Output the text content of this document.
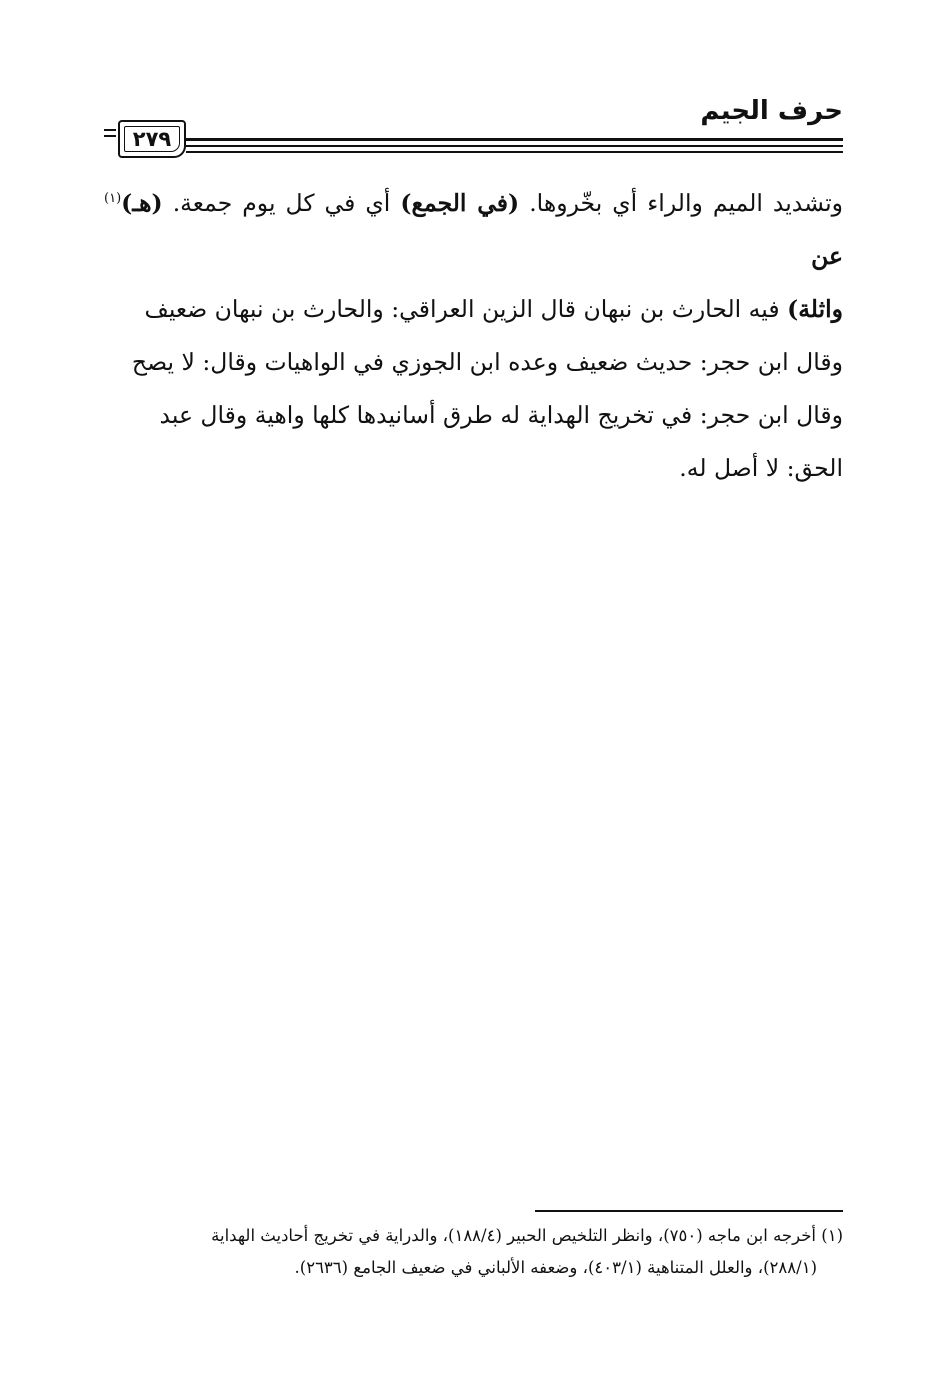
حرف الجيم
٢٧٩
وتشديد الميم والراء أي بخّروها. (في الجمع) أي في كل يوم جمعة. (هـ)$^{(١)}$ عن
واثلة) فيه الحارث بن نبهان قال الزين العراقي: والحارث بن نبهان ضعيف
وقال ابن حجر: حديث ضعيف وعده ابن الجوزي في الواهيات وقال: لا يصح
وقال ابن حجر: في تخريج الهداية له طرق أسانيدها كلها واهية وقال عبد
الحق: لا أصل له.
(١) أخرجه ابن ماجه (٧٥٠)، وانظر التلخيص الحبير (١٨٨/٤)، والدراية في تخريج أحاديث الهداية
(٢٨٨/١)، والعلل المتناهية (٤٠٣/١)، وضعفه الألباني في ضعيف الجامع (٢٦٣٦).
